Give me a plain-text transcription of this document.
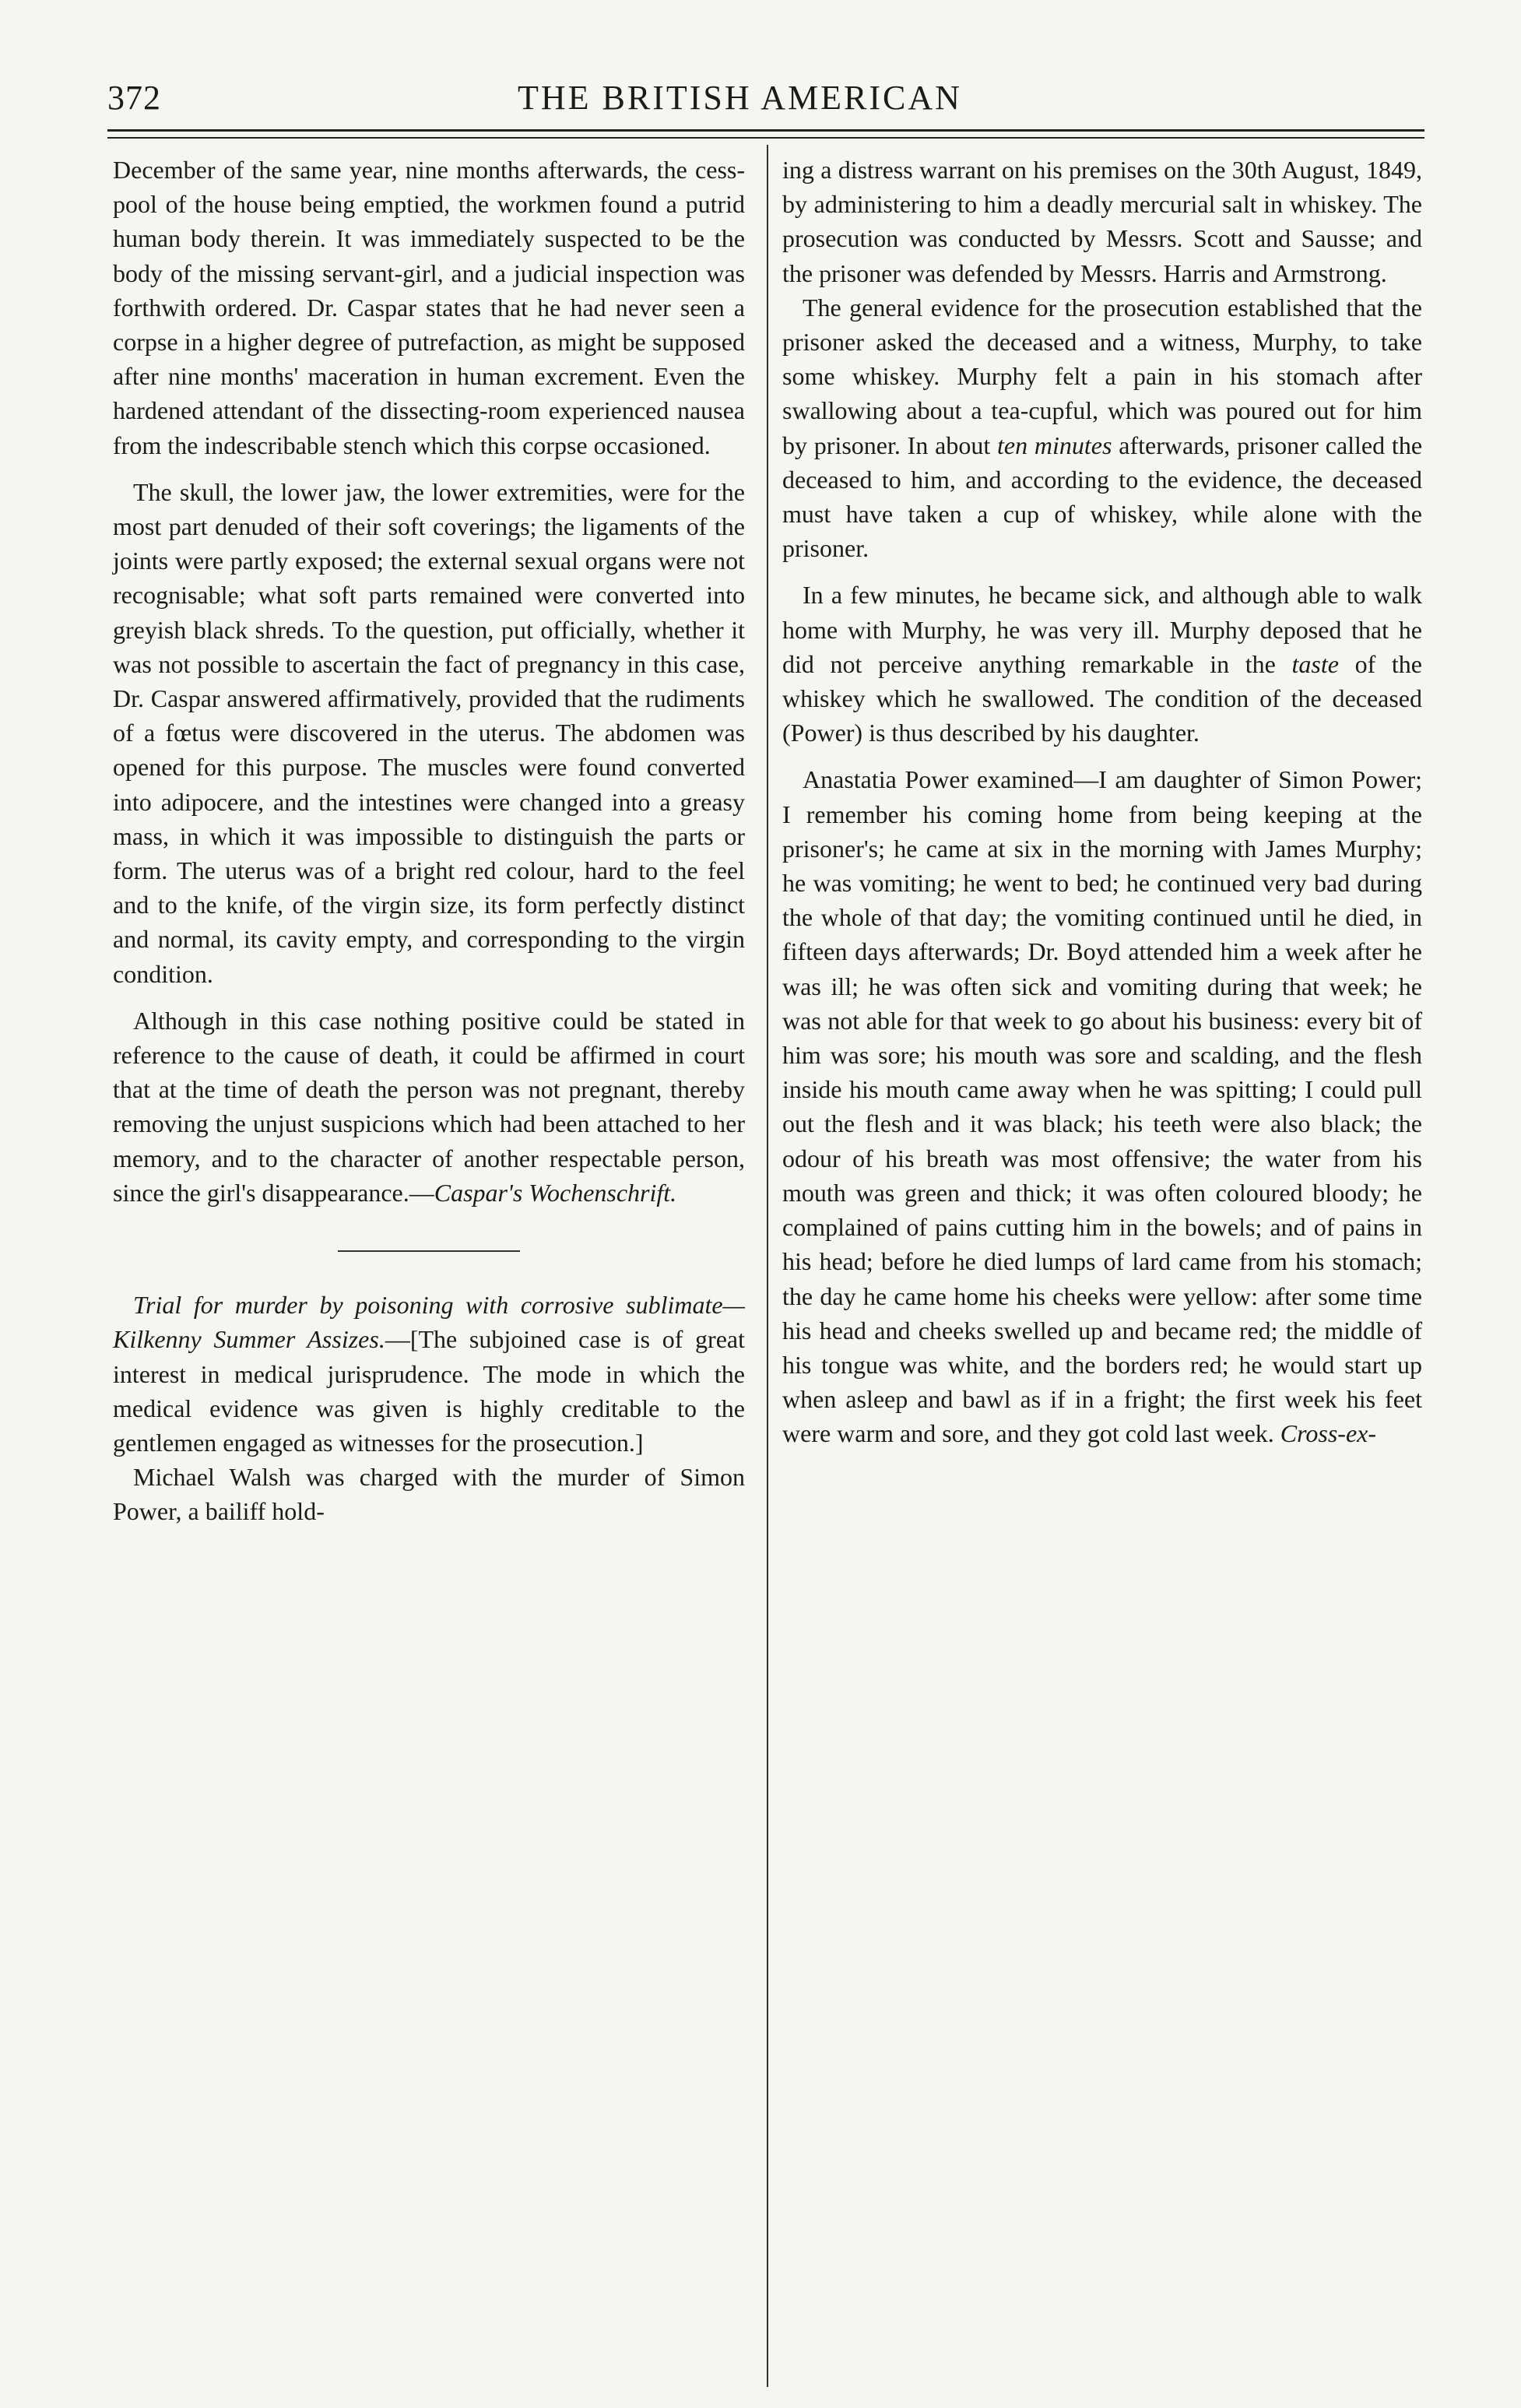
372	THE BRITISH AMERICAN

December of the same year, nine months afterwards, the cess-pool of the house being emptied, the workmen found a putrid human body therein. It was immediately suspected to be the body of the missing servant-girl, and a judicial inspection was forthwith ordered. Dr. Caspar states that he had never seen a corpse in a higher degree of putrefaction, as might be supposed after nine months' maceration in human excrement. Even the hardened attendant of the dissecting-room experienced nausea from the indescribable stench which this corpse occasioned.

The skull, the lower jaw, the lower extremities, were for the most part denuded of their soft coverings; the ligaments of the joints were partly exposed; the external sexual organs were not recognisable; what soft parts remained were converted into greyish black shreds. To the question, put officially, whether it was not possible to ascertain the fact of pregnancy in this case, Dr. Caspar answered affirmatively, provided that the rudiments of a fœtus were discovered in the uterus. The abdomen was opened for this purpose. The muscles were found converted into adipocere, and the intestines were changed into a greasy mass, in which it was impossible to distinguish the parts or form. The uterus was of a bright red colour, hard to the feel and to the knife, of the virgin size, its form perfectly distinct and normal, its cavity empty, and corresponding to the virgin condition.

Although in this case nothing positive could be stated in reference to the cause of death, it could be affirmed in court that at the time of death the person was not pregnant, thereby removing the unjust suspicions which had been attached to her memory, and to the character of another respectable person, since the girl's disappearance.—Caspar's Wochenschrift.

Trial for murder by poisoning with corrosive sublimate—Kilkenny Summer Assizes.—[The subjoined case is of great interest in medical jurisprudence. The mode in which the medical evidence was given is highly creditable to the gentlemen engaged as witnesses for the prosecution.]

Michael Walsh was charged with the murder of Simon Power, a bailiff hold-

ing a distress warrant on his premises on the 30th August, 1849, by administering to him a deadly mercurial salt in whiskey. The prosecution was conducted by Messrs. Scott and Sausse; and the prisoner was defended by Messrs. Harris and Armstrong.

The general evidence for the prosecution established that the prisoner asked the deceased and a witness, Murphy, to take some whiskey. Murphy felt a pain in his stomach after swallowing about a tea-cupful, which was poured out for him by prisoner. In about ten minutes afterwards, prisoner called the deceased to him, and according to the evidence, the deceased must have taken a cup of whiskey, while alone with the prisoner.

In a few minutes, he became sick, and although able to walk home with Murphy, he was very ill. Murphy deposed that he did not perceive anything remarkable in the taste of the whiskey which he swallowed. The condition of the deceased (Power) is thus described by his daughter.

Anastatia Power examined—I am daughter of Simon Power; I remember his coming home from being keeping at the prisoner's; he came at six in the morning with James Murphy; he was vomiting; he went to bed; he continued very bad during the whole of that day; the vomiting continued until he died, in fifteen days afterwards; Dr. Boyd attended him a week after he was ill; he was often sick and vomiting during that week; he was not able for that week to go about his business: every bit of him was sore; his mouth was sore and scalding, and the flesh inside his mouth came away when he was spitting; I could pull out the flesh and it was black; his teeth were also black; the odour of his breath was most offensive; the water from his mouth was green and thick; it was often coloured bloody; he complained of pains cutting him in the bowels; and of pains in his head; before he died lumps of lard came from his stomach; the day he came home his cheeks were yellow: after some time his head and cheeks swelled up and became red; the middle of his tongue was white, and the borders red; he would start up when asleep and bawl as if in a fright; the first week his feet were warm and sore, and they got cold last week. Cross-ex-
